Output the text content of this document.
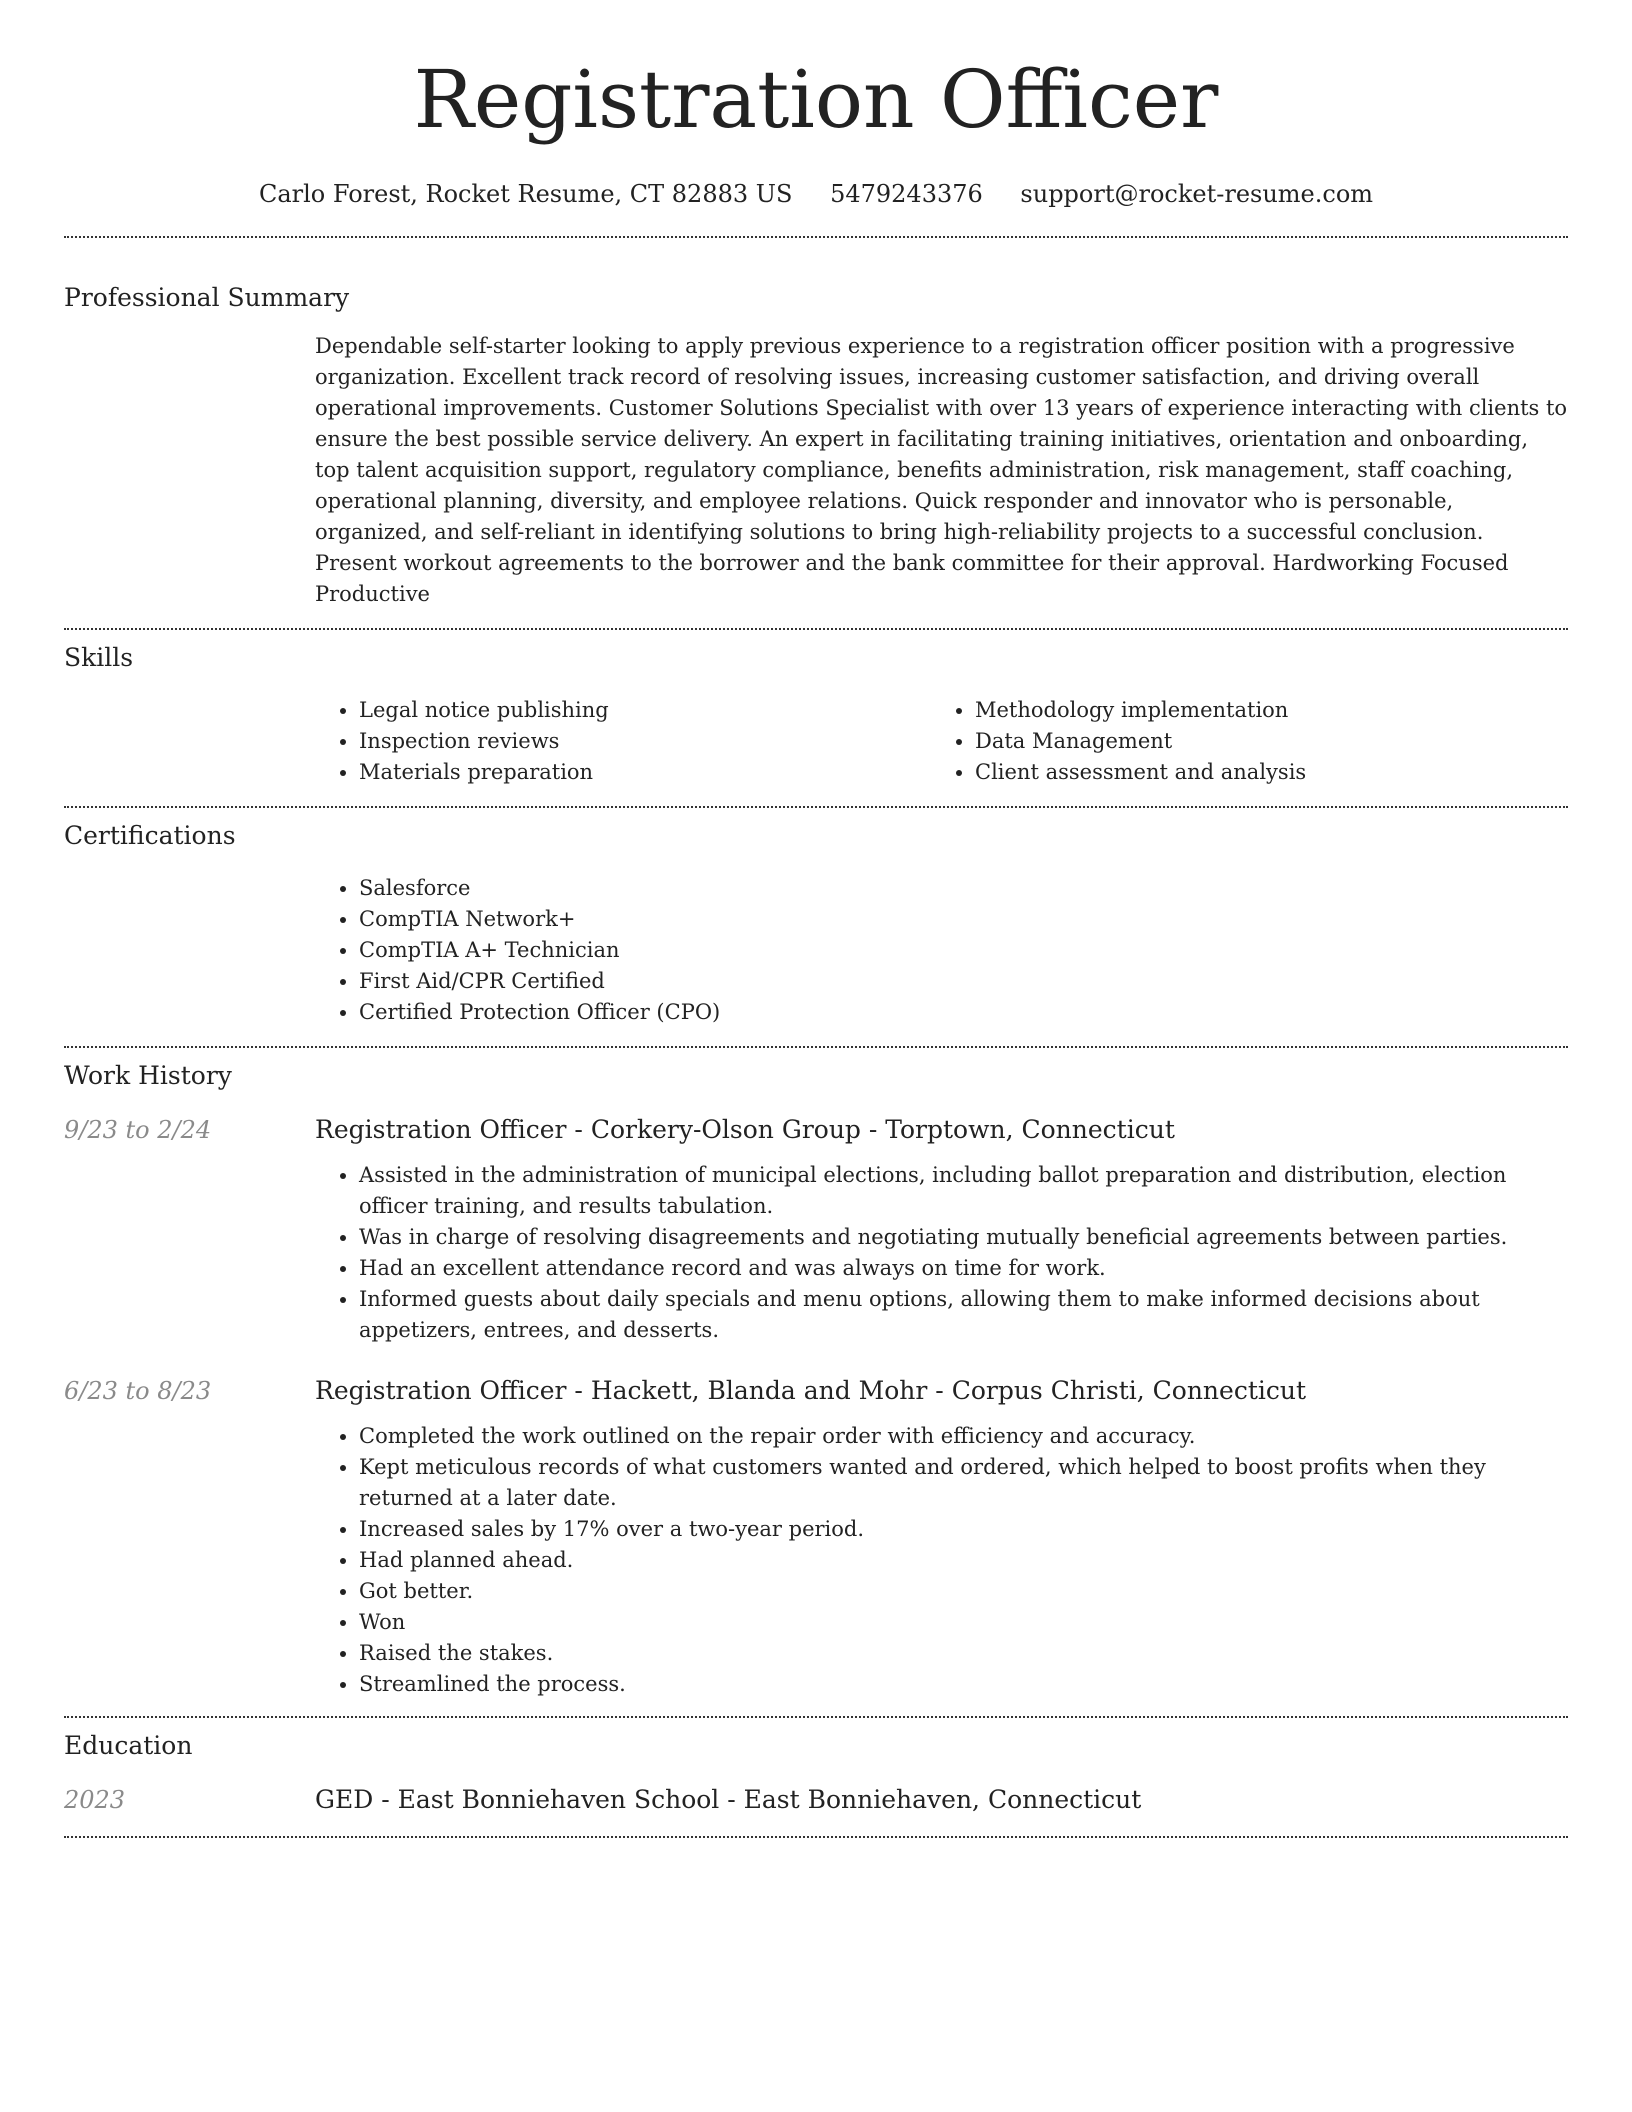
Registration Officer
Carlo Forest, Rocket Resume, CT 82883 US 5479243376 support@rocket-resume.com
Professional Summary

Dependable self-starter looking to apply previous experience to a registration officer position with a progressive organization. Excellent track record of resolving issues, increasing customer satisfaction, and driving overall operational improvements. Customer Solutions Specialist with over 13 years of experience interacting with clients to ensure the best possible service delivery. An expert in facilitating training initiatives, orientation and onboarding, top talent acquisition support, regulatory compliance, benefits administration, risk management, staff coaching, operational planning, diversity, and employee relations. Quick responder and innovator who is personable, organized, and self-reliant in identifying solutions to bring high-reliability projects to a successful conclusion. Present workout agreements to the borrower and the bank committee for their approval. Hardworking Focused Productive

Skills
• Legal notice publishing
• Inspection reviews
• Materials preparation
• Methodology implementation
• Data Management
• Client assessment and analysis
Certifications
• Salesforce
• CompTIA Network+
• CompTIA A+ Technician
• First Aid/CPR Certified
• Certified Protection Officer (CPO)
Work History
9/23 to 2/24	Registration Officer - Corkery-Olson Group - Torptown, Connecticut
• Assisted in the administration of municipal elections, including ballot preparation and distribution, election officer training, and results tabulation.
• Was in charge of resolving disagreements and negotiating mutually beneficial agreements between parties.
• Had an excellent attendance record and was always on time for work.
• Informed guests about daily specials and menu options, allowing them to make informed decisions about appetizers, entrees, and desserts.
6/23 to 8/23	Registration Officer - Hackett, Blanda and Mohr - Corpus Christi, Connecticut
• Completed the work outlined on the repair order with efficiency and accuracy.
• Kept meticulous records of what customers wanted and ordered, which helped to boost profits when they returned at a later date.
• Increased sales by 17% over a two-year period.
• Had planned ahead.
• Got better.
• Won
• Raised the stakes.
• Streamlined the process.
Education
2023	GED - East Bonniehaven School - East Bonniehaven, Connecticut
